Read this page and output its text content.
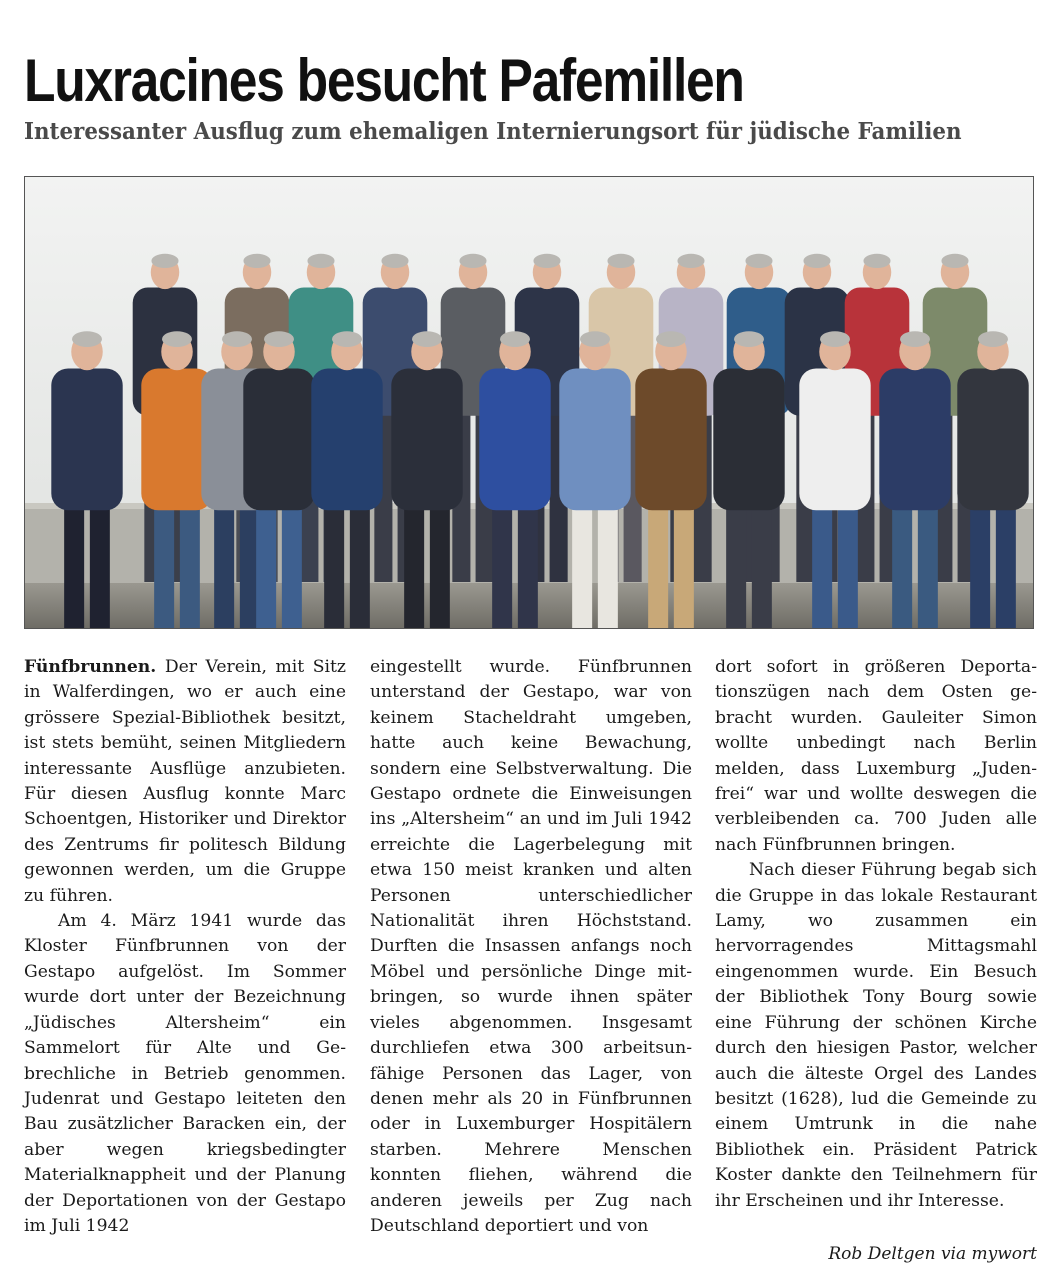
Luxracines besucht Pafemillen
Interessanter Ausflug zum ehemaligen Internierungsort für jüdische Familien

Fünfbrunnen. Der Verein, mit Sitz in Walferdingen, wo er auch eine grössere Spezial-Bibliothek besitzt, ist stets bemüht, seinen Mitgliedern interessante Ausflüge anzubieten. Für diesen Ausflug konnte Marc Schoentgen, Historiker und Direktor des Zentrums fir politesch Bildung gewonnen werden, um die Gruppe zu führen.

Am 4. März 1941 wurde das Kloster Fünfbrunnen von der Gestapo aufgelöst. Im Sommer wurde dort unter der Bezeichnung „Jüdisches Altersheim“ ein Sammelort für Alte und Gebrechliche in Betrieb genommen. Judenrat und Gestapo leiteten den Bau zusätzlicher Baracken ein, der aber wegen kriegsbedingter Materialknappheit und der Planung der Deportationen von der Gestapo im Juli 1942

eingestellt wurde. Fünfbrunnen unterstand der Gestapo, war von keinem Stacheldraht umgeben, hatte auch keine Bewachung, sondern eine Selbstverwaltung. Die Gestapo ordnete die Einweisungen ins „Altersheim“ an und im Juli 1942 erreichte die Lagerbelegung mit etwa 150 meist kranken und alten Personen unterschiedlicher Nationalität ihren Höchststand. Durften die Insassen anfangs noch Möbel und persönliche Dinge mitbringen, so wurde ihnen später vieles abgenommen. Insgesamt durchliefen etwa 300 arbeitsunfähige Personen das Lager, von denen mehr als 20 in Fünfbrunnen oder in Luxemburger Hospitälern starben. Mehrere Menschen konnten fliehen, während die anderen jeweils per Zug nach Deutschland deportiert und von

dort sofort in größeren Deportationszügen nach dem Osten gebracht wurden. Gauleiter Simon wollte unbedingt nach Berlin melden, dass Luxemburg „Judenfrei“ war und wollte deswegen die verbleibenden ca. 700 Juden alle nach Fünfbrunnen bringen.

Nach dieser Führung begab sich die Gruppe in das lokale Restaurant Lamy, wo zusammen ein hervorragendes Mittagsmahl eingenommen wurde. Ein Besuch der Bibliothek Tony Bourg sowie eine Führung der schönen Kirche durch den hiesigen Pastor, welcher auch die älteste Orgel des Landes besitzt (1628), lud die Gemeinde zu einem Umtrunk in die nahe Bibliothek ein. Präsident Patrick Koster dankte den Teilnehmern für ihr Erscheinen und ihr Interesse.

Rob Deltgen via mywort
